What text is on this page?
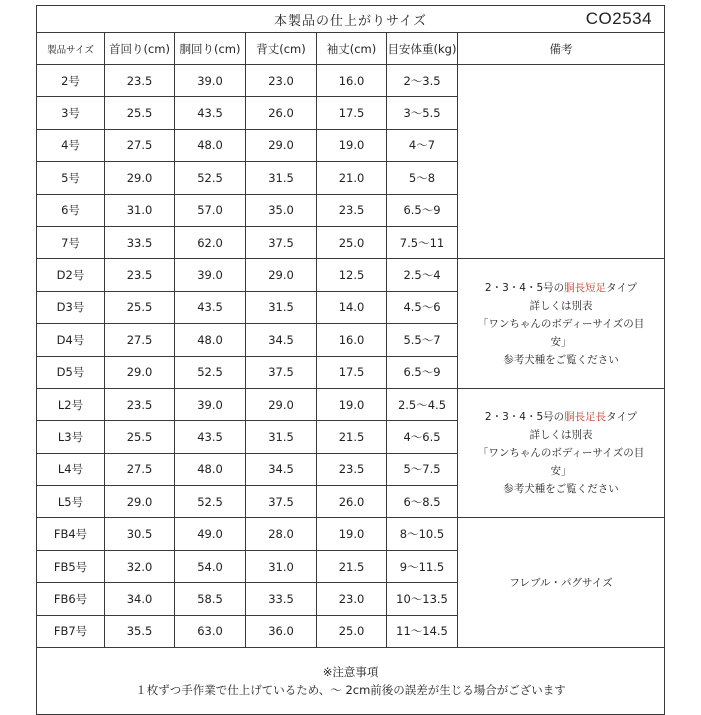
本製品の仕上がりサイズ CO2534						

製品サイズ	首回り(cm)	胴回り(cm)	背丈(cm)	袖丈(cm)	目安体重(kg)	備考
2号	23.5	39.0	23.0	16.0	2〜3.5	
3号	25.5	43.5	26.0	17.5	3〜5.5	
4号	27.5	48.0	29.0	19.0	4〜7	
5号	29.0	52.5	31.5	21.0	5〜8	
6号	31.0	57.0	35.0	23.5	6.5〜9	
7号	33.5	62.0	37.5	25.0	7.5〜11	
D2号	23.5	39.0	29.0	12.5	2.5〜4	2・3・4・5号の胴長短足タイプ
詳しくは別表
「ワンちゃんのボディーサイズの目
安」
参考犬種をご覧ください

D3号	25.5	43.5	31.5	14.0	4.5〜6	
D4号	27.5	48.0	34.5	16.0	5.5〜7	
D5号	29.0	52.5	37.5	17.5	6.5〜9	
L2号	23.5	39.0	29.0	19.0	2.5〜4.5	2・3・4・5号の胴長足長タイプ
詳しくは別表
「ワンちゃんのボディーサイズの目
安」
参考犬種をご覧ください

L3号	25.5	43.5	31.5	21.5	4〜6.5	
L4号	27.5	48.0	34.5	23.5	5〜7.5	
L5号	29.0	52.5	37.5	26.0	6〜8.5	
FB4号	30.5	49.0	28.0	19.0	8〜10.5	フレブル・パグサイズ

FB5号	32.0	54.0	31.0	21.5	9〜11.5	
FB6号	34.0	58.5	33.5	23.0	10〜13.5	
FB7号	35.5	63.0	36.0	25.0	11〜14.5	

※注意事項
１枚ずつ手作業で仕上げているため、～ 2cm前後の誤差が生じる場合がございます						
